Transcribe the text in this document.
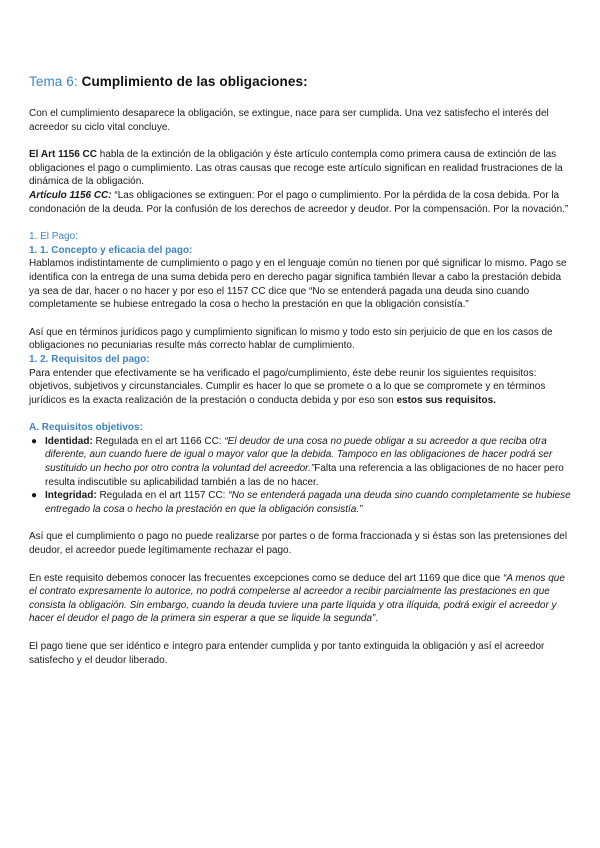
Tema 6: Cumplimiento de las obligaciones:

Con el cumplimiento desaparece la obligación, se extingue, nace para ser cumplida. Una vez satisfecho el interés del acreedor su ciclo vital concluye.

El Art 1156 CC habla de la extinción de la obligación y éste artículo contempla como primera causa de extinción de las obligaciones el pago o cumplimiento. Las otras causas que recoge este artículo significan en realidad frustraciones de la dinámica de la obligación.

Artículo 1156 CC: “Las obligaciones se extinguen: Por el pago o cumplimiento. Por la pérdida de la cosa debida. Por la condonación de la deuda. Por la confusión de los derechos de acreedor y deudor. Por la compensación. Por la novación.”

1. El Pago:

1. 1. Concepto y eficacia del pago:

Hablamos indistintamente de cumplimiento o pago y en el lenguaje común no tienen por qué significar lo mismo. Pago se identifica con la entrega de una suma debida pero en derecho pagar significa también llevar a cabo la prestación debida ya sea de dar, hacer o no hacer y por eso el 1157 CC dice que “No se entenderá pagada una deuda sino cuando completamente se hubiese entregado la cosa o hecho la prestación en que la obligación consistía.”

Así que en términos jurídicos pago y cumplimiento significan lo mismo y todo esto sin perjuicio de que en los casos de obligaciones no pecuniarias resulte más correcto hablar de cumplimiento.

1. 2. Requisitos del pago:

Para entender que efectivamente se ha verificado el pago/cumplimiento, éste debe reunir los siguientes requisitos: objetivos, subjetivos y circunstanciales. Cumplir es hacer lo que se promete o a lo que se compromete y en términos jurídicos es la exacta realización de la prestación o conducta debida y por eso son estos sus requisitos.

A. Requisitos objetivos:

● Identidad: Regulada en el art 1166 CC: “El deudor de una cosa no puede obligar a su acreedor a que reciba otra diferente, aun cuando fuere de igual o mayor valor que la debida. Tampoco en las obligaciones de hacer podrá ser sustituido un hecho por otro contra la voluntad del acreedor.”Falta una referencia a las obligaciones de no hacer pero resulta indiscutible su aplicabilidad también a las de no hacer.
● Integridad: Regulada en el art 1157 CC: “No se entenderá pagada una deuda sino cuando completamente se hubiese entregado la cosa o hecho la prestación en que la obligación consistía.”

Así que el cumplimiento o pago no puede realizarse por partes o de forma fraccionada y si éstas son las pretensiones del deudor, el acreedor puede legítimamente rechazar el pago.

En este requisito debemos conocer las frecuentes excepciones como se deduce del art 1169 que dice que “A menos que el contrato expresamente lo autorice, no podrá compelerse al acreedor a recibir parcialmente las prestaciones en que consista la obligación. Sin embargo, cuando la deuda tuviere una parte líquida y otra ilíquida, podrá exigir el acreedor y hacer el deudor el pago de la primera sin esperar a que se liquide la segunda”.

El pago tiene que ser idéntico e íntegro para entender cumplida y por tanto extinguida la obligación y así el acreedor satisfecho y el deudor liberado.
